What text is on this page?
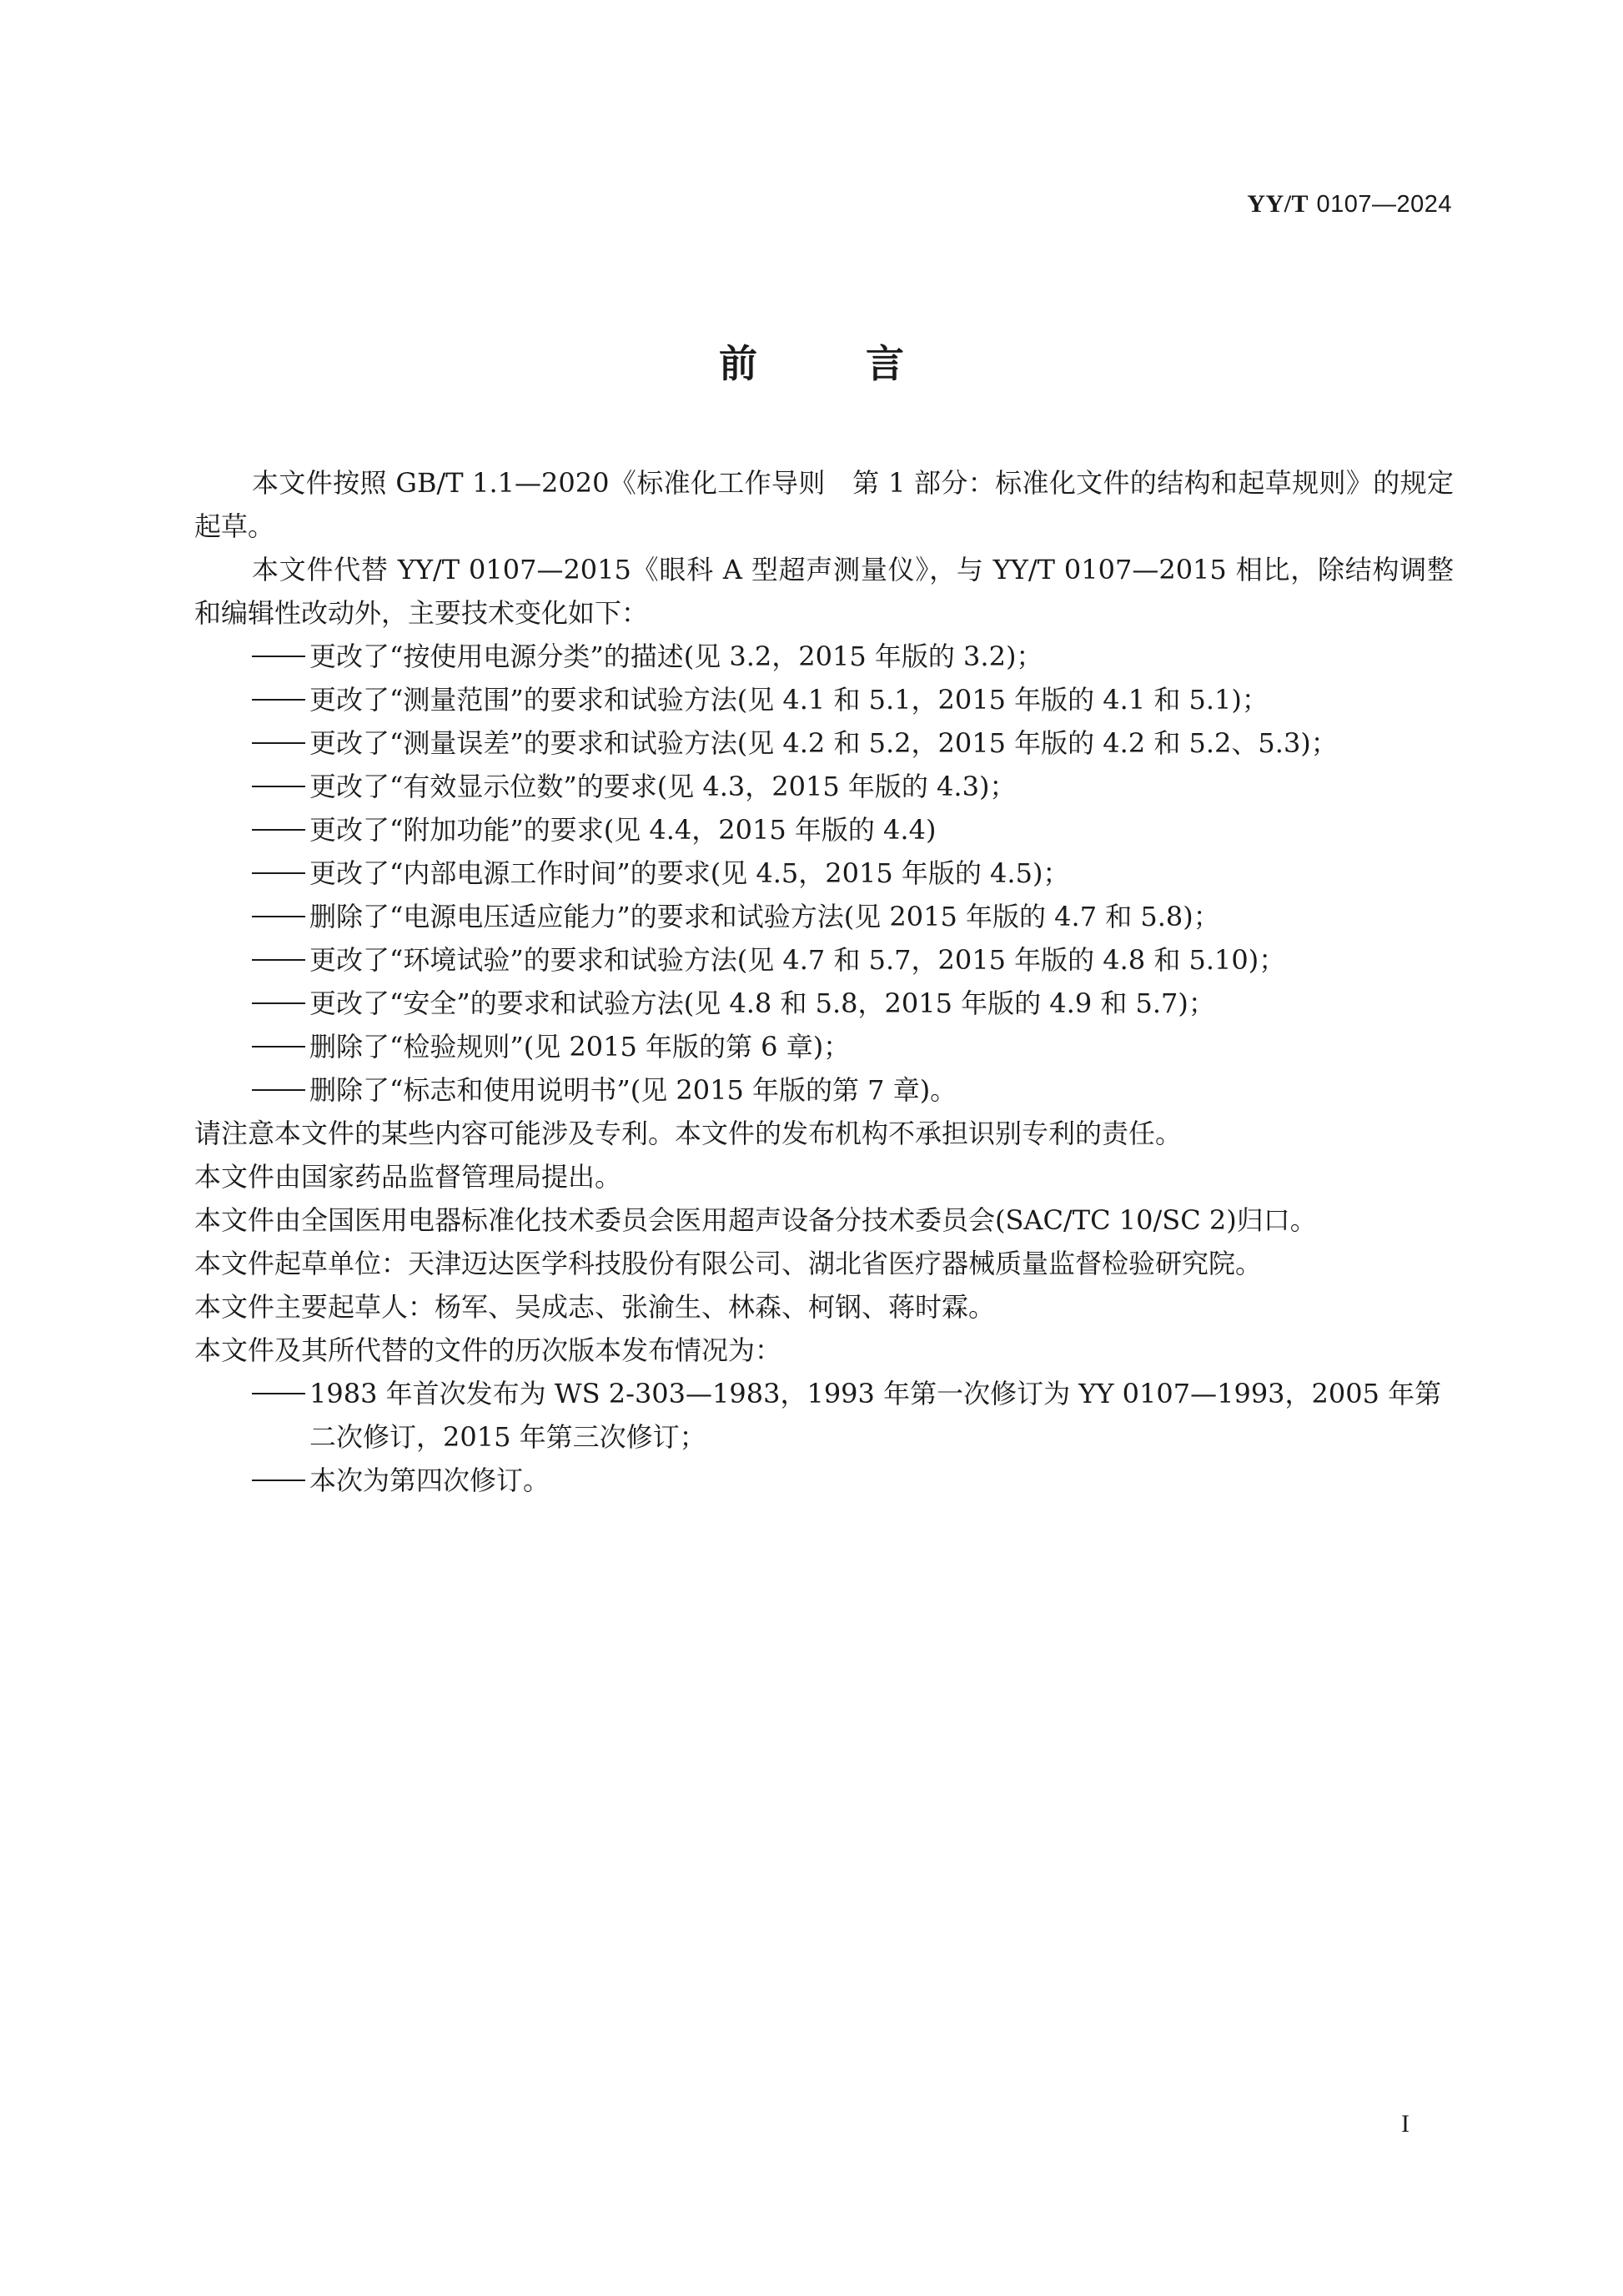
YY/T 0107—2024
前	言

本文件按照 GB/T 1.1—2020《标准化工作导则　第 1 部分：标准化文件的结构和起草规则》的规定起草。

本文件代替 YY/T 0107—2015《眼科 A 型超声测量仪》，与 YY/T 0107—2015 相比，除结构调整和编辑性改动外，主要技术变化如下：

更改了“按使用电源分类”的描述(见 3.2，2015 年版的 3.2)；

更改了“测量范围”的要求和试验方法(见 4.1 和 5.1，2015 年版的 4.1 和 5.1)；

更改了“测量误差”的要求和试验方法(见 4.2 和 5.2，2015 年版的 4.2 和 5.2、5.3)；

更改了“有效显示位数”的要求(见 4.3，2015 年版的 4.3)；

更改了“附加功能”的要求(见 4.4，2015 年版的 4.4)

更改了“内部电源工作时间”的要求(见 4.5，2015 年版的 4.5)；

删除了“电源电压适应能力”的要求和试验方法(见 2015 年版的 4.7 和 5.8)；

更改了“环境试验”的要求和试验方法(见 4.7 和 5.7，2015 年版的 4.8 和 5.10)；

更改了“安全”的要求和试验方法(见 4.8 和 5.8，2015 年版的 4.9 和 5.7)；

删除了“检验规则”(见 2015 年版的第 6 章)；

删除了“标志和使用说明书”(见 2015 年版的第 7 章)。

请注意本文件的某些内容可能涉及专利。本文件的发布机构不承担识别专利的责任。

本文件由国家药品监督管理局提出。

本文件由全国医用电器标准化技术委员会医用超声设备分技术委员会(SAC/TC 10/SC 2)归口。

本文件起草单位：天津迈达医学科技股份有限公司、湖北省医疗器械质量监督检验研究院。

本文件主要起草人：杨军、吴成志、张渝生、林森、柯钢、蒋时霖。

本文件及其所代替的文件的历次版本发布情况为：

1983 年首次发布为 WS 2-303—1983，1993 年第一次修订为 YY 0107—1993，2005 年第二次修订，2015 年第三次修订；

本次为第四次修订。

I
